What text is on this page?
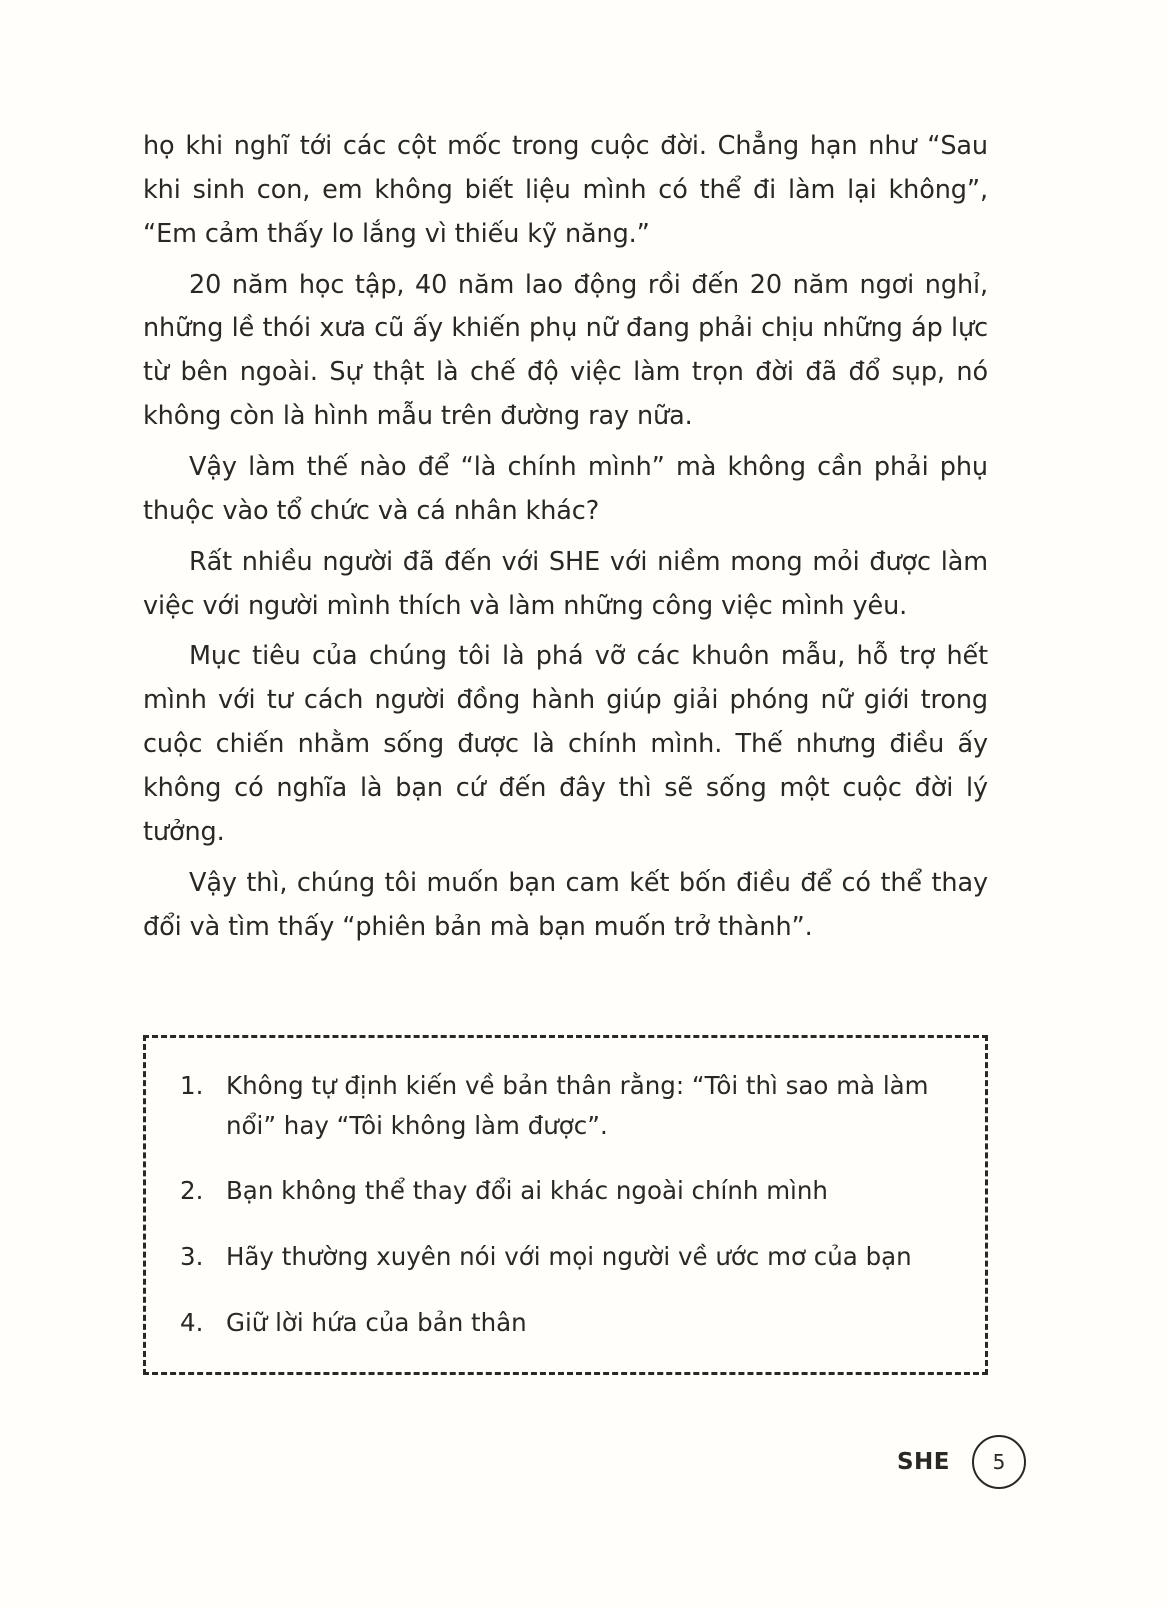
họ khi nghĩ tới các cột mốc trong cuộc đời. Chẳng hạn như “Sau khi sinh con, em không biết liệu mình có thể đi làm lại không”, “Em cảm thấy lo lắng vì thiếu kỹ năng.”

20 năm học tập, 40 năm lao động rồi đến 20 năm ngơi nghỉ, những lề thói xưa cũ ấy khiến phụ nữ đang phải chịu những áp lực từ bên ngoài. Sự thật là chế độ việc làm trọn đời đã đổ sụp, nó không còn là hình mẫu trên đường ray nữa.

Vậy làm thế nào để “là chính mình” mà không cần phải phụ thuộc vào tổ chức và cá nhân khác?

Rất nhiều người đã đến với SHE với niềm mong mỏi được làm việc với người mình thích và làm những công việc mình yêu.

Mục tiêu của chúng tôi là phá vỡ các khuôn mẫu, hỗ trợ hết mình với tư cách người đồng hành giúp giải phóng nữ giới trong cuộc chiến nhằm sống được là chính mình. Thế nhưng điều ấy không có nghĩa là bạn cứ đến đây thì sẽ sống một cuộc đời lý tưởng.

Vậy thì, chúng tôi muốn bạn cam kết bốn điều để có thể thay đổi và tìm thấy “phiên bản mà bạn muốn trở thành”.

1. Không tự định kiến về bản thân rằng: “Tôi thì sao mà làm nổi” hay “Tôi không làm được”.
2. Bạn không thể thay đổi ai khác ngoài chính mình
3. Hãy thường xuyên nói với mọi người về ước mơ của bạn
4. Giữ lời hứa của bản thân
SHE	5
